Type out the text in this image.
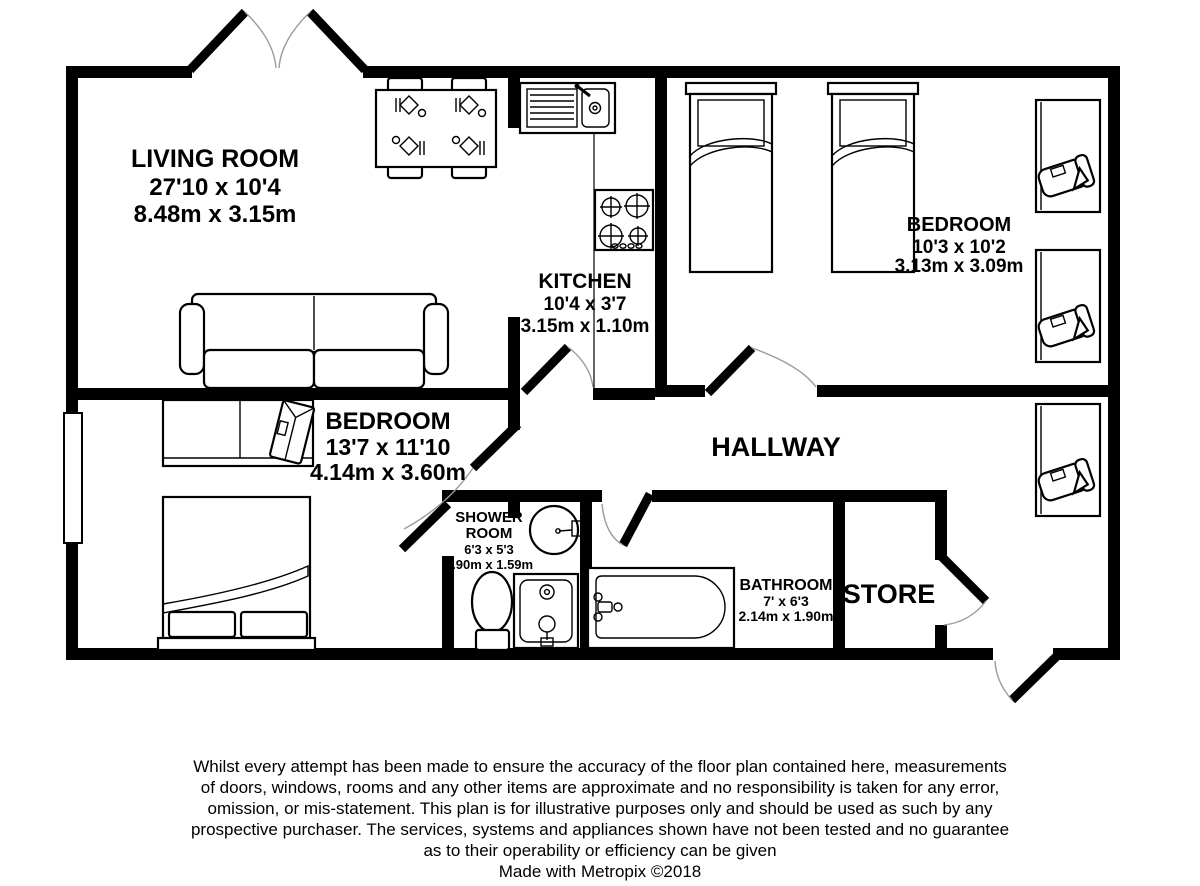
LIVING ROOM
27'10 x 10'4
8.48m x 3.15m
KITCHEN
10'4 x 3'7
3.15m x 1.10m
BEDROOM
10'3 x 10'2
3.13m x 3.09m
BEDROOM
13'7 x 11'10
4.14m x 3.60m
HALLWAY
SHOWER
ROOM
6'3 x 5'3
1.90m x 1.59m
BATHROOM
7' x 6'3
2.14m x 1.90m
STORE
Whilst every attempt has been made to ensure the accuracy of the floor plan contained here, measurements
of doors, windows, rooms and any other items are approximate and no responsibility is taken for any error,
omission, or mis-statement. This plan is for illustrative purposes only and should be used as such by any
prospective purchaser. The services, systems and appliances shown have not been tested and no guarantee
as to their operability or efficiency can be given
Made with Metropix ©2018
